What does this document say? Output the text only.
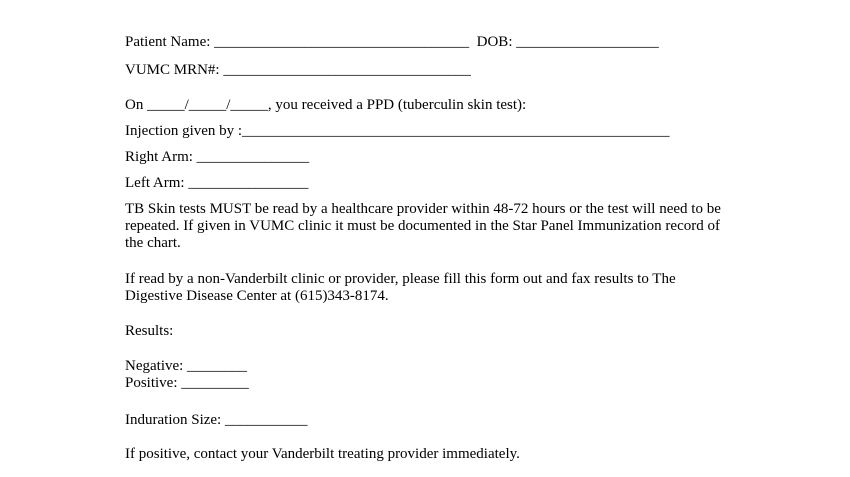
Patient Name: __________________________________  DOB: ___________________
VUMC MRN#: _________________________________
On _____/_____/_____, you received a PPD (tuberculin skin test):
Injection given by :_________________________________________________________
Right Arm: _______________
Left Arm: ________________
TB Skin tests MUST be read by a healthcare provider within 48-72 hours or the test will need to be repeated. If given in VUMC clinic it must be documented in the Star Panel Immunization record of the chart.
If read by a non-Vanderbilt clinic or provider, please fill this form out and fax results to The Digestive Disease Center at (615)343-8174.
Results:
Negative: ________
Positive: _________
Induration Size: ___________
If positive, contact your Vanderbilt treating provider immediately.
